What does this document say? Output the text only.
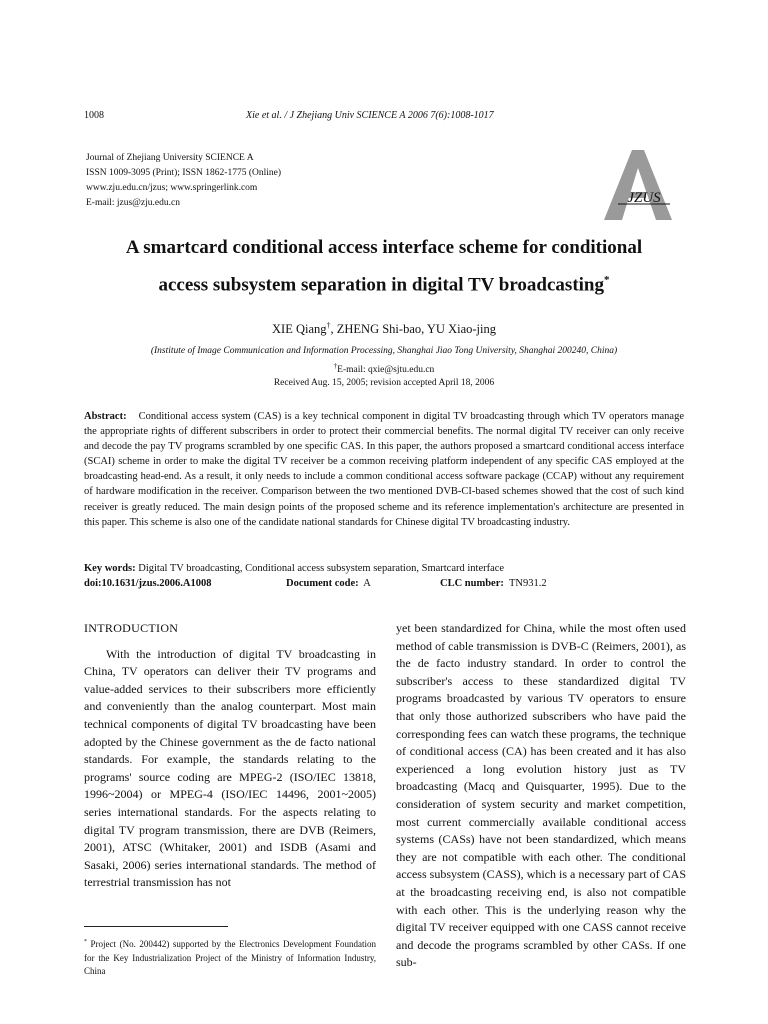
1008	Xie et al. / J Zhejiang Univ SCIENCE A 2006 7(6):1008-1017
Journal of Zhejiang University SCIENCE A
ISSN 1009-3095 (Print); ISSN 1862-1775 (Online)
www.zju.edu.cn/jzus; www.springerlink.com
E-mail: jzus@zju.edu.cn	JZUS
A smartcard conditional access interface scheme for conditional
access subsystem separation in digital TV broadcasting*
XIE Qiang†, ZHENG Shi-bao, YU Xiao-jing
(Institute of Image Communication and Information Processing, Shanghai Jiao Tong University, Shanghai 200240, China)
†E-mail: qxie@sjtu.edu.cn
Received Aug. 15, 2005; revision accepted April 18, 2006
Abstract: Conditional access system (CAS) is a key technical component in digital TV broadcasting through which TV operators manage the appropriate rights of different subscribers in order to protect their commercial benefits. The normal digital TV receiver can only receive and decode the pay TV programs scrambled by one specific CAS. In this paper, the authors proposed a smartcard conditional access interface (SCAI) scheme in order to make the digital TV receiver be a common receiving platform independent of any specific CAS employed at the broadcasting head-end. As a result, it only needs to include a common conditional access software package (CCAP) without any requirement of hardware modification in the receiver. Comparison between the two mentioned DVB-CI-based schemes showed that the cost of such kind receiver is greatly reduced. The main design points of the proposed scheme and its reference implementation's architecture are presented in this paper. This scheme is also one of the candidate national standards for Chinese digital TV broadcasting industry.
Key words: Digital TV broadcasting, Conditional access subsystem separation, Smartcard interface
doi:10.1631/jzus.2006.A1008	Document code: A	CLC number: TN931.2
INTRODUCTION

With the introduction of digital TV broadcasting in China, TV operators can deliver their TV programs and value-added services to their subscribers more efficiently and conveniently than the analog counterpart. Most main technical components of digital TV broadcasting have been adopted by the Chinese government as the de facto national standards. For example, the standards relating to the programs' source coding are MPEG-2 (ISO/IEC 13818, 1996~2004) or MPEG-4 (ISO/IEC 14496, 2001~2005) series international standards. For the aspects relating to digital TV program transmission, there are DVB (Reimers, 2001), ATSC (Whitaker, 2001) and ISDB (Asami and Sasaki, 2006) series international standards. The method of terrestrial transmission has not

yet been standardized for China, while the most often used method of cable transmission is DVB-C (Reimers, 2001), as the de facto industry standard. In order to control the subscriber's access to these standardized digital TV programs broadcasted by various TV operators to ensure that only those authorized subscribers who have paid the corresponding fees can watch these programs, the technique of conditional access (CA) has been created and it has also experienced a long evolution history just as TV broadcasting (Macq and Quisquarter, 1995). Due to the consideration of system security and market competition, most current commercially available conditional access systems (CASs) have not been standardized, which means they are not compatible with each other. The conditional access subsystem (CASS), which is a necessary part of CAS at the broadcasting receiving end, is also not compatible with each other. This is the underlying reason why the digital TV receiver equipped with one CASS cannot receive and decode the programs scrambled by other CASs. If one sub-

* Project (No. 200442) supported by the Electronics Development Foundation for the Key Industrialization Project of the Ministry of Information Industry, China
